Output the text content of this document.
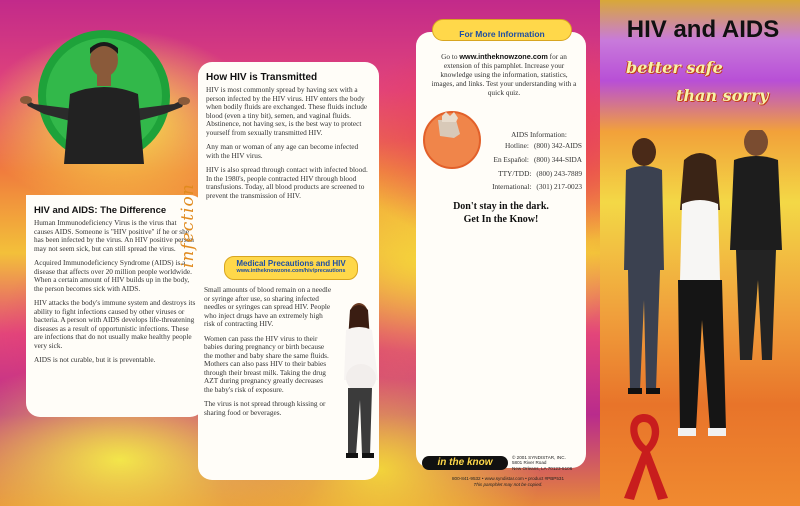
HIV and AIDS: The Difference

Human Immunodeficiency Virus is the virus that causes AIDS. Someone is "HIV positive" if he or she has been infected by the virus. An HIV positive person may not seem sick, but can still spread the virus.

Acquired Immunodeficiency Syndrome (AIDS) is a disease that affects over 20 million people worldwide. When a certain amount of HIV builds up in the body, the person becomes sick with AIDS.

HIV attacks the body's immune system and destroys its ability to fight infections caused by other viruses or bacteria. A person with AIDS develops life-threatening diseases as a result of opportunistic infections. These are infections that do not usually make healthy people very sick.

AIDS is not curable, but it is preventable.

infection
How HIV is Transmitted

HIV is most commonly spread by having sex with a person infected by the HIV virus. HIV enters the body when bodily fluids are exchanged. These fluids include blood (even a tiny bit), semen, and vaginal fluids. Abstinence, not having sex, is the best way to protect yourself from sexually transmitted HIV.

Any man or woman of any age can become infected with the HIV virus.

HIV is also spread through contact with infected blood. In the 1980's, people contracted HIV through blood transfusions. Today, all blood products are screened to prevent the transmission of HIV.

Small amounts of blood remain on a needle or syringe after use, so sharing infected needles or syringes can spread HIV. People who inject drugs have an extremely high risk of contracting HIV.

Women can pass the HIV virus to their babies during pregnancy or birth because the mother and baby share the same fluids. Mothers can also pass HIV to their babies through their breast milk. Taking the drug AZT during pregnancy greatly decreases the baby's risk of exposure.

The virus is not spread through kissing or sharing food or beverages.

Medical Precautions and HIV
www.intheknowzone.com/hiv/precautions
Go to www.intheknowzone.com for an extension of this pamphlet. Increase your knowledge using the information, statistics, images, and links. Test your understanding with a quick quiz.
AIDS Information:
Hotline: (800) 342-AIDS
En Español: (800) 344-SIDA
TTY/TDD: (800) 243-7889
International: (301) 217-0023
Don't stay in the dark.
Get In the Know!
For More Information
in the know	© 2001 SYNDISTAR, INC.
5801 River Road
New Orleans, LA 70123-5106
800-841-9532 • www.syndistar.com • product #PBP531
This pamphlet may not be copied.
HIV and AIDS
better safe
than sorry
